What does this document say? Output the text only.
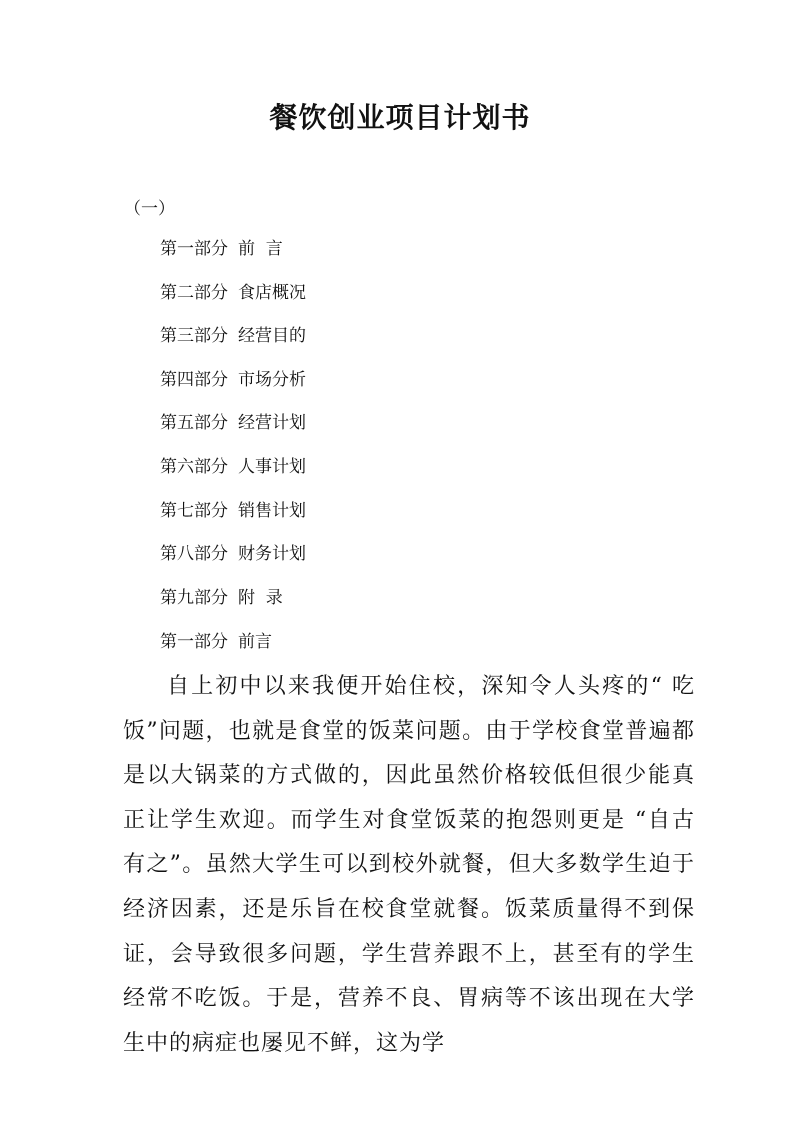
餐饮创业项目计划书

（一）

第一部分 前  言
第二部分 食店概况
第三部分 经营目的
第四部分 市场分析
第五部分 经营计划
第六部分 人事计划
第七部分 销售计划
第八部分 财务计划
第九部分 附  录

第一部分 前言

自上初中以来我便开始住校，深知令人头疼的“ 吃饭”问题，也就是食堂的饭菜问题。由于学校食堂普遍都是以大锅菜的方式做的，因此虽然价格较低但很少能真正让学生欢迎。而学生对食堂饭菜的抱怨则更是 “自古有之”。虽然大学生可以到校外就餐，但大多数学生迫于经济因素，还是乐旨在校食堂就餐。饭菜质量得不到保证，会导致很多问题，学生营养跟不上，甚至有的学生经常不吃饭。于是，营养不良、胃病等不该出现在大学生中的病症也屡见不鲜，这为学
